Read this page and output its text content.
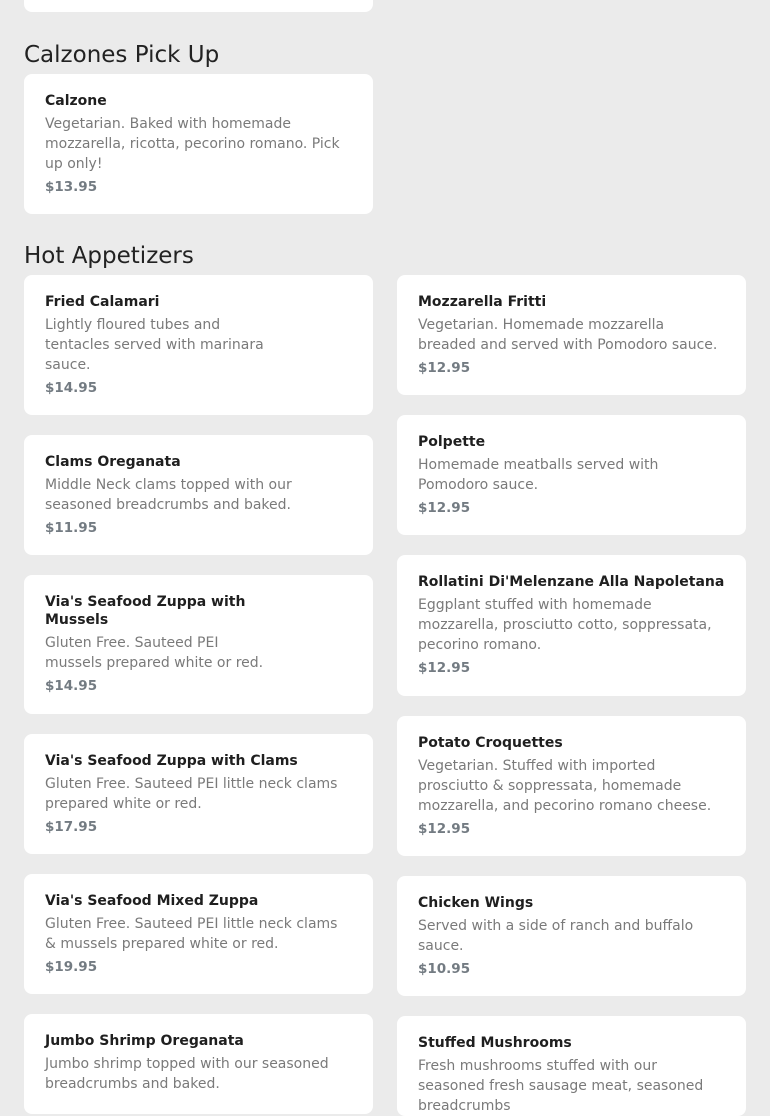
Calzones Pick Up

Calzone

Vegetarian. Baked with homemade mozzarella, ricotta, pecorino romano. Pick up only!

$13.95

Hot Appetizers

Fried Calamari

Lightly floured tubes and tentacles served with marinara sauce.

$14.95

Clams Oreganata

Middle Neck clams topped with our seasoned breadcrumbs and baked.

$11.95

Via's Seafood Zuppa with Mussels

Gluten Free. Sauteed PEI mussels prepared white or red.

$14.95

Via's Seafood Zuppa with Clams

Gluten Free. Sauteed PEI little neck clams prepared white or red.

$17.95

Via's Seafood Mixed Zuppa

Gluten Free. Sauteed PEI little neck clams & mussels prepared white or red.

$19.95

Jumbo Shrimp Oreganata

Jumbo shrimp topped with our seasoned breadcrumbs and baked.

Mozzarella Fritti

Vegetarian. Homemade mozzarella breaded and served with Pomodoro sauce.

$12.95

Polpette

Homemade meatballs served with Pomodoro sauce.

$12.95

Rollatini Di'Melenzane Alla Napoletana

Eggplant stuffed with homemade mozzarella, prosciutto cotto, soppressata, pecorino romano.

$12.95

Potato Croquettes

Vegetarian. Stuffed with imported prosciutto & soppressata, homemade mozzarella, and pecorino romano cheese.

$12.95

Chicken Wings

Served with a side of ranch and buffalo sauce.

$10.95

Stuffed Mushrooms

Fresh mushrooms stuffed with our seasoned fresh sausage meat, seasoned breadcrumbs
